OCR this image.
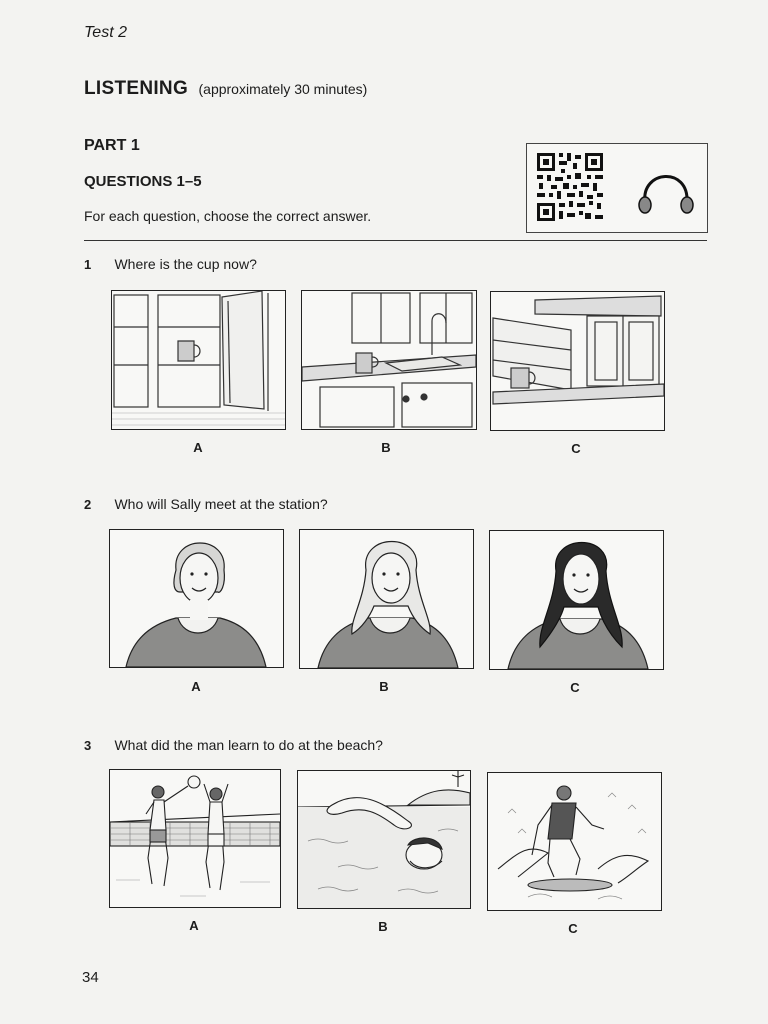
Test 2
LISTENING (approximately 30 minutes)
PART 1
QUESTIONS 1–5
For each question, choose the correct answer.
1 Where is the cup now?
A	B	C
2 Who will Sally meet at the station?
A	B	C
3 What did the man learn to do at the beach?
A	B	C
34
